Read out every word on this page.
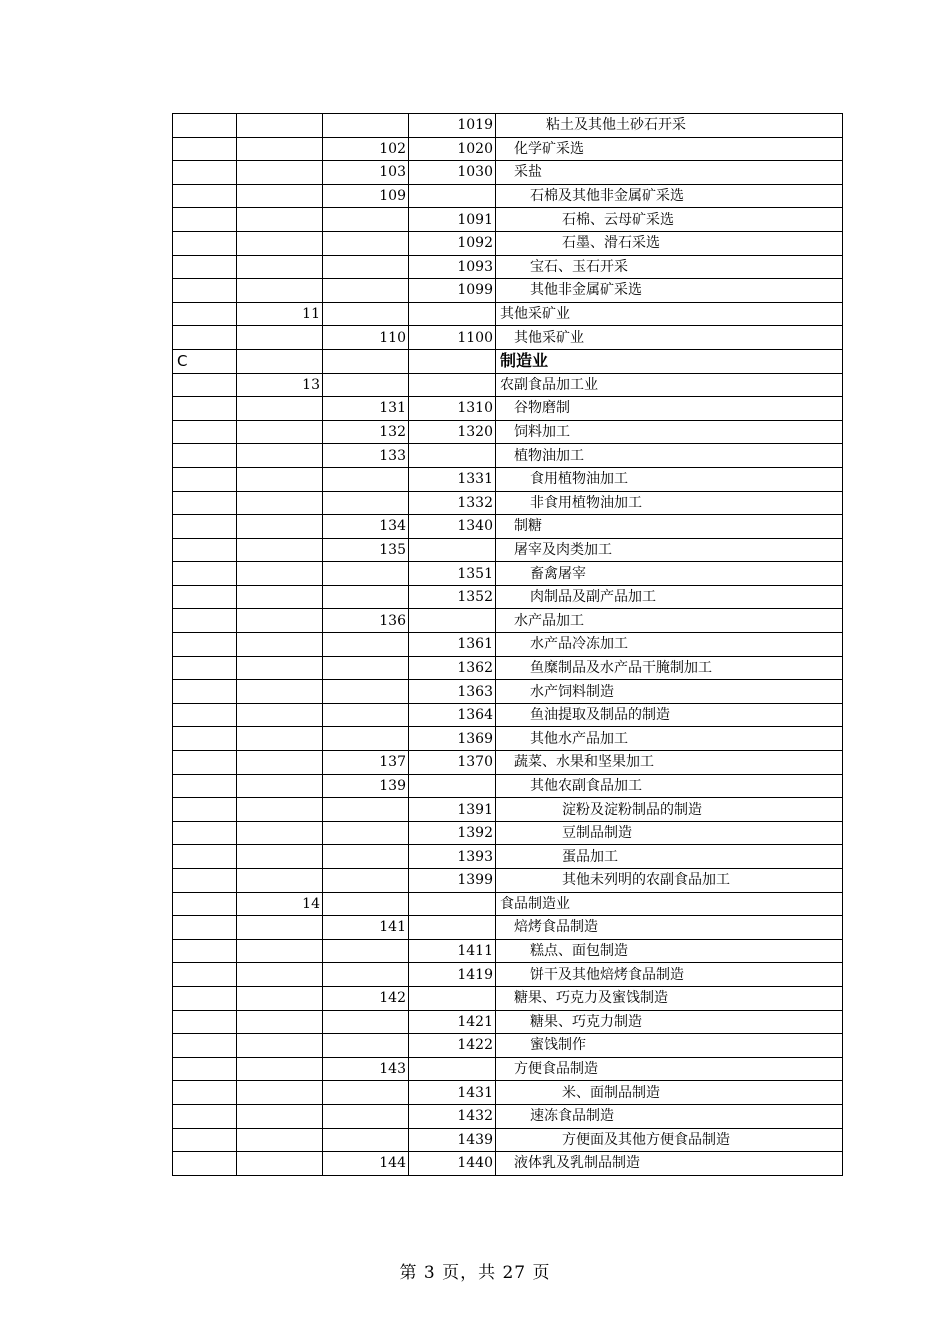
			1019	粘土及其他土砂石开采
		102	1020	化学矿采选
		103	1030	采盐
		109		石棉及其他非金属矿采选
			1091	石棉、云母矿采选
			1092	石墨、滑石采选
			1093	宝石、玉石开采
			1099	其他非金属矿采选
	11			其他采矿业
		110	1100	其他采矿业
C				制造业
	13			农副食品加工业
		131	1310	谷物磨制
		132	1320	饲料加工
		133		植物油加工
			1331	食用植物油加工
			1332	非食用植物油加工
		134	1340	制糖
		135		屠宰及肉类加工
			1351	畜禽屠宰
			1352	肉制品及副产品加工
		136		水产品加工
			1361	水产品冷冻加工
			1362	鱼糜制品及水产品干腌制加工
			1363	水产饲料制造
			1364	鱼油提取及制品的制造
			1369	其他水产品加工
		137	1370	蔬菜、水果和坚果加工
		139		其他农副食品加工
			1391	淀粉及淀粉制品的制造
			1392	豆制品制造
			1393	蛋品加工
			1399	其他未列明的农副食品加工
	14			食品制造业
		141		焙烤食品制造
			1411	糕点、面包制造
			1419	饼干及其他焙烤食品制造
		142		糖果、巧克力及蜜饯制造
			1421	糖果、巧克力制造
			1422	蜜饯制作
		143		方便食品制造
			1431	米、面制品制造
			1432	速冻食品制造
			1439	方便面及其他方便食品制造
		144	1440	液体乳及乳制品制造
第 3 页，共 27 页
